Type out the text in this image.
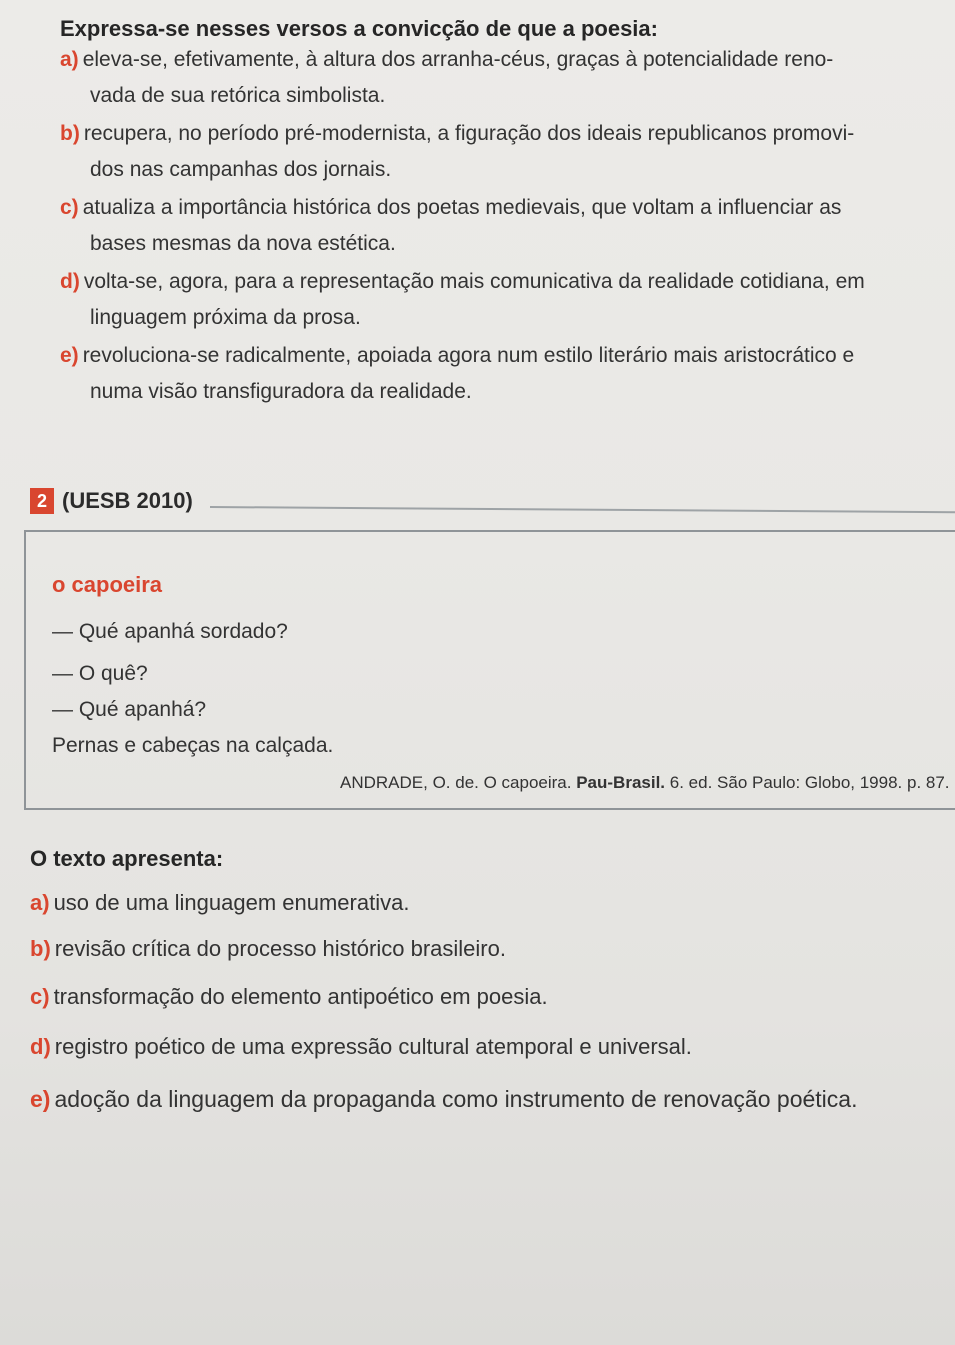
Expressa-se nesses versos a convicção de que a poesia:

a) eleva-se, efetivamente, à altura dos arranha-céus, graças à potencialidade reno-
vada de sua retórica simbolista.

b) recupera, no período pré-modernista, a figuração dos ideais republicanos promovi-
dos nas campanhas dos jornais.

c) atualiza a importância histórica dos poetas medievais, que voltam a influenciar as
bases mesmas da nova estética.

d) volta-se, agora, para a representação mais comunicativa da realidade cotidiana, em
linguagem próxima da prosa.

e) revoluciona-se radicalmente, apoiada agora num estilo literário mais aristocrático e
numa visão transfiguradora da realidade.

2 (UESB 2010)

o capoeira

— Qué apanhá sordado?

— O quê?

— Qué apanhá?

Pernas e cabeças na calçada.

ANDRADE, O. de. O capoeira. Pau-Brasil. 6. ed. São Paulo: Globo, 1998. p. 87.

O texto apresenta:

a) uso de uma linguagem enumerativa.

b) revisão crítica do processo histórico brasileiro.

c) transformação do elemento antipoético em poesia.

d) registro poético de uma expressão cultural atemporal e universal.

e) adoção da linguagem da propaganda como instrumento de renovação poética.
